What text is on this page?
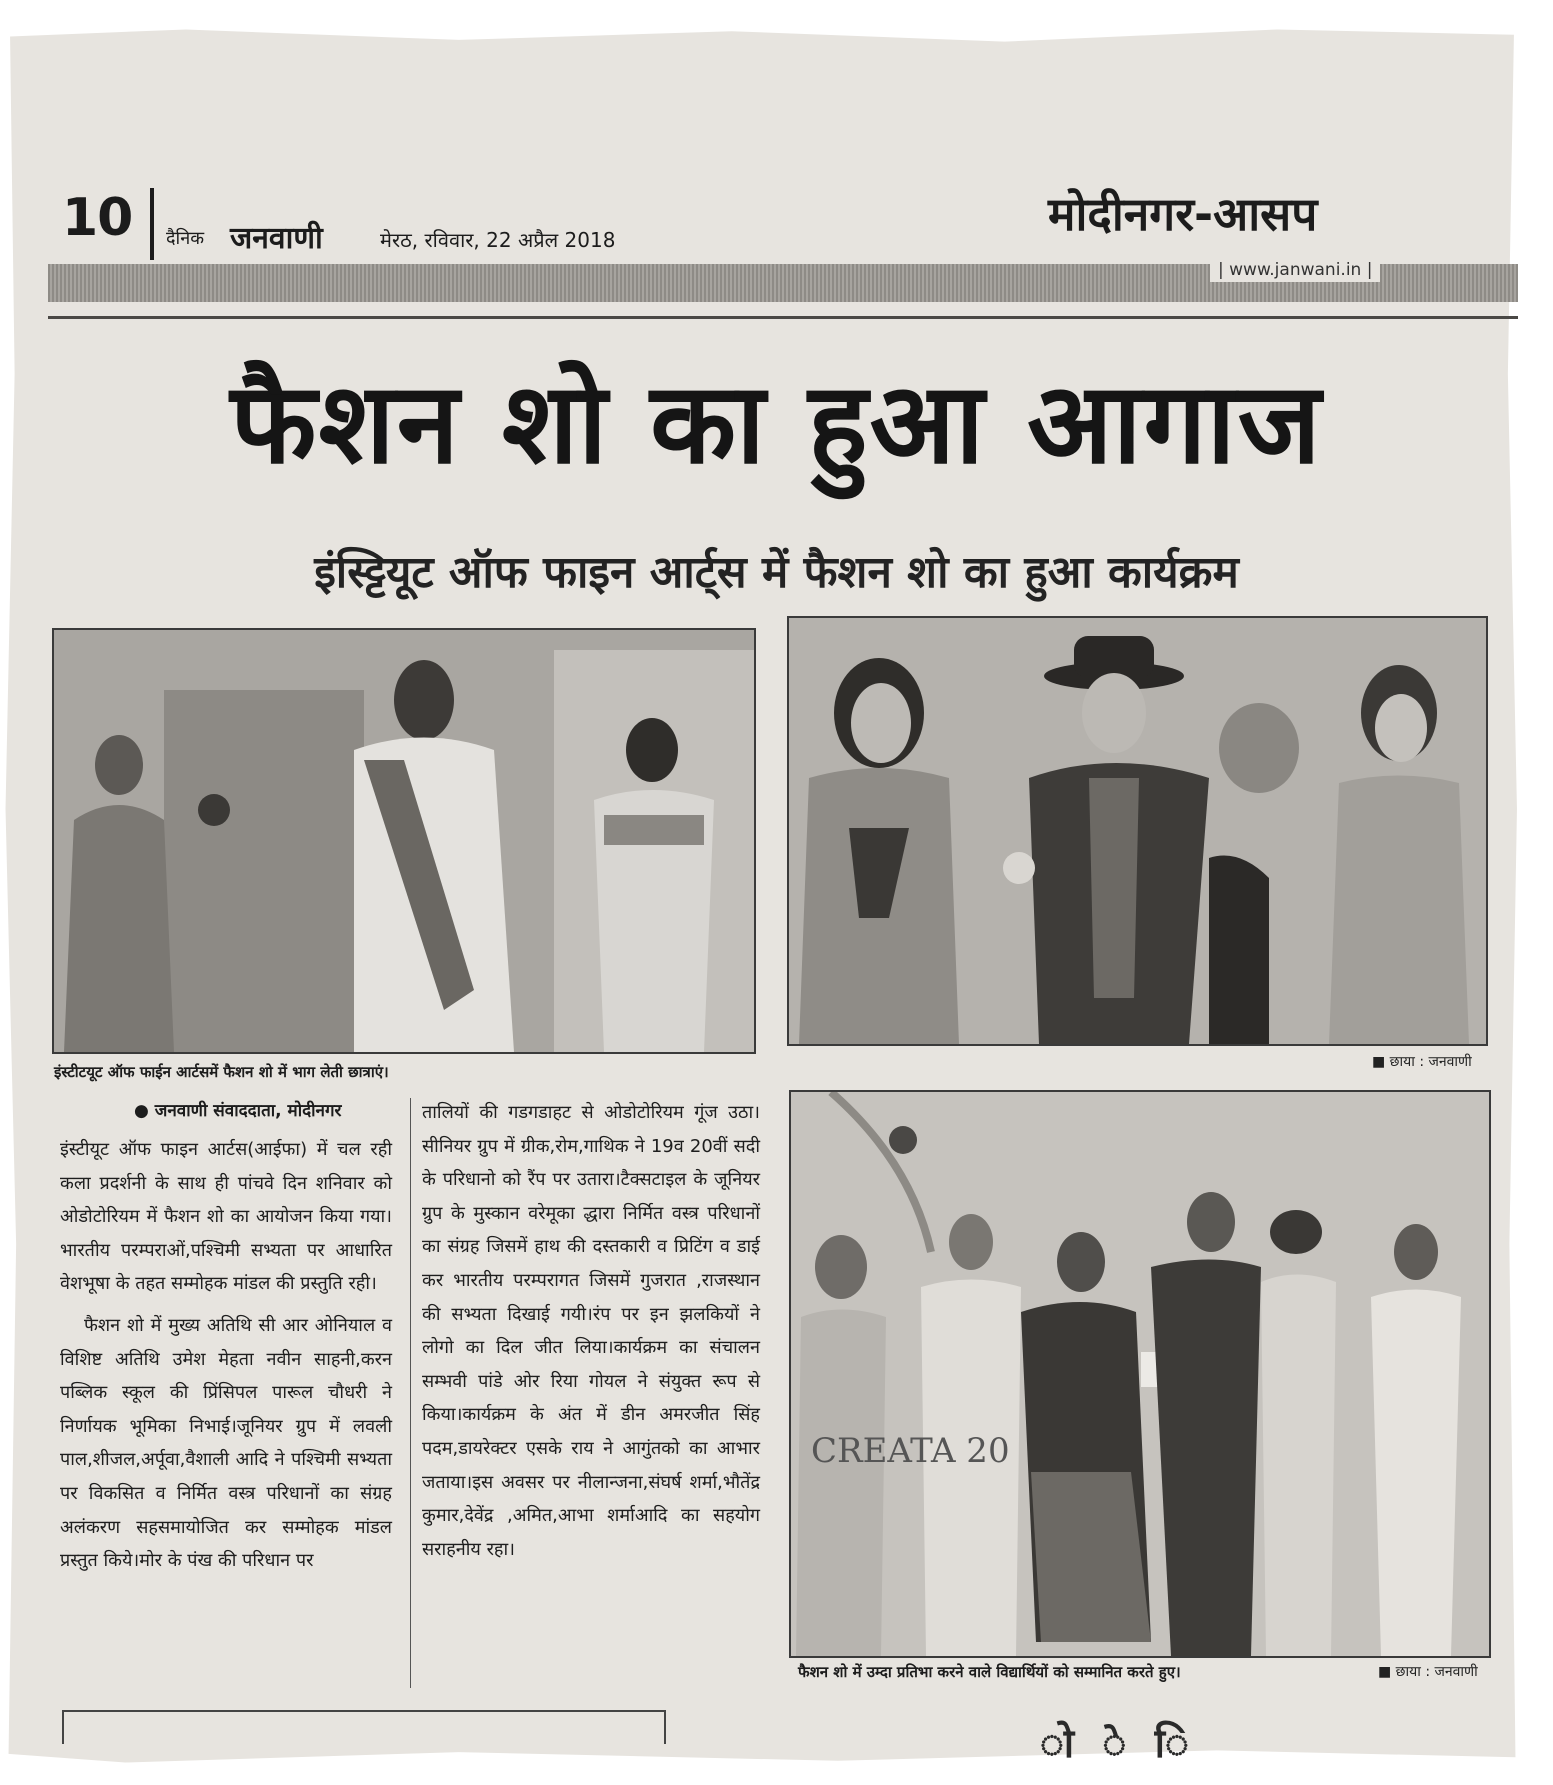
10 दैनिक जनवाणी	मेरठ, रविवार, 22 अप्रैल 2018	मोदीनगर-आसप
| www.janwani.in |
फैशन शो का हुआ आगाज
इंस्ट्टियूट ऑफ फाइन आर्ट्स में फैशन शो का हुआ कार्यक्रम
इंस्टीटयूट ऑफ फाईन आर्टसमें फैशन शो में भाग लेती छात्राएं।
■ छाया : जनवाणी
● जनवाणी संवाददाता, मोदीनगर

इंस्टीयूट ऑफ फाइन आर्टस(आईफा) में चल रही कला प्रदर्शनी के साथ ही पांचवे दिन शनिवार को ओडोटोरियम में फैशन शो का आयोजन किया गया।भारतीय परम्पराओं,पश्चिमी सभ्यता पर आधारित वेशभूषा के तहत सम्मोहक मांडल की प्रस्तुति रही।

फैशन शो में मुख्य अतिथि सी आर ओनियाल व विशिष्ट अतिथि उमेश मेहता नवीन साहनी,करन पब्लिक स्कूल की प्रिंसिपल पारूल चौधरी ने निर्णायक भूमिका निभाई।जूनियर ग्रुप में लवली पाल,शीजल,अर्पूवा,वैशाली आदि ने पश्चिमी सभ्यता पर विकसित व निर्मित वस्त्र परिधानों का संग्रह अलंकरण सहसमायोजित कर सम्मोहक मांडल प्रस्तुत किये।मोर के पंख की परिधान पर

तालियों की गडगडाहट से ओडोटोरियम गूंज उठा।सीनियर ग्रुप में ग्रीक,रोम,गाथिक ने 19व 20वीं सदी के परिधानो को रैंप पर उतारा।टैक्सटाइल के जूनियर ग्रुप के मुस्कान वरेमूका द्धारा निर्मित वस्त्र परिधानों का संग्रह जिसमें हाथ की दस्तकारी व प्रिटिंग व डाई कर भारतीय परम्परागत जिसमें गुजरात ,राजस्थान की सभ्यता दिखाई गयी।रंप पर इन झलकियों ने लोगो का दिल जीत लिया।कार्यक्रम का संचालन सम्भवी पांडे ओर रिया गोयल ने संयुक्त रूप से किया।कार्यक्रम के अंत में डीन अमरजीत सिंह पदम,डायरेक्टर एसके राय ने आगुंतको का आभार जताया।इस अवसर पर नीलान्जना,संघर्ष शर्मा,भौतेंद्र कुमार,देवेंद्र ,अमित,आभा शर्माआदि का सहयोग सराहनीय रहा।

CREATA 20
फैशन शो में उम्दा प्रतिभा करने वाले विद्यार्थियों को सम्मानित करते हुए।	■ छाया : जनवाणी
ो े ि
